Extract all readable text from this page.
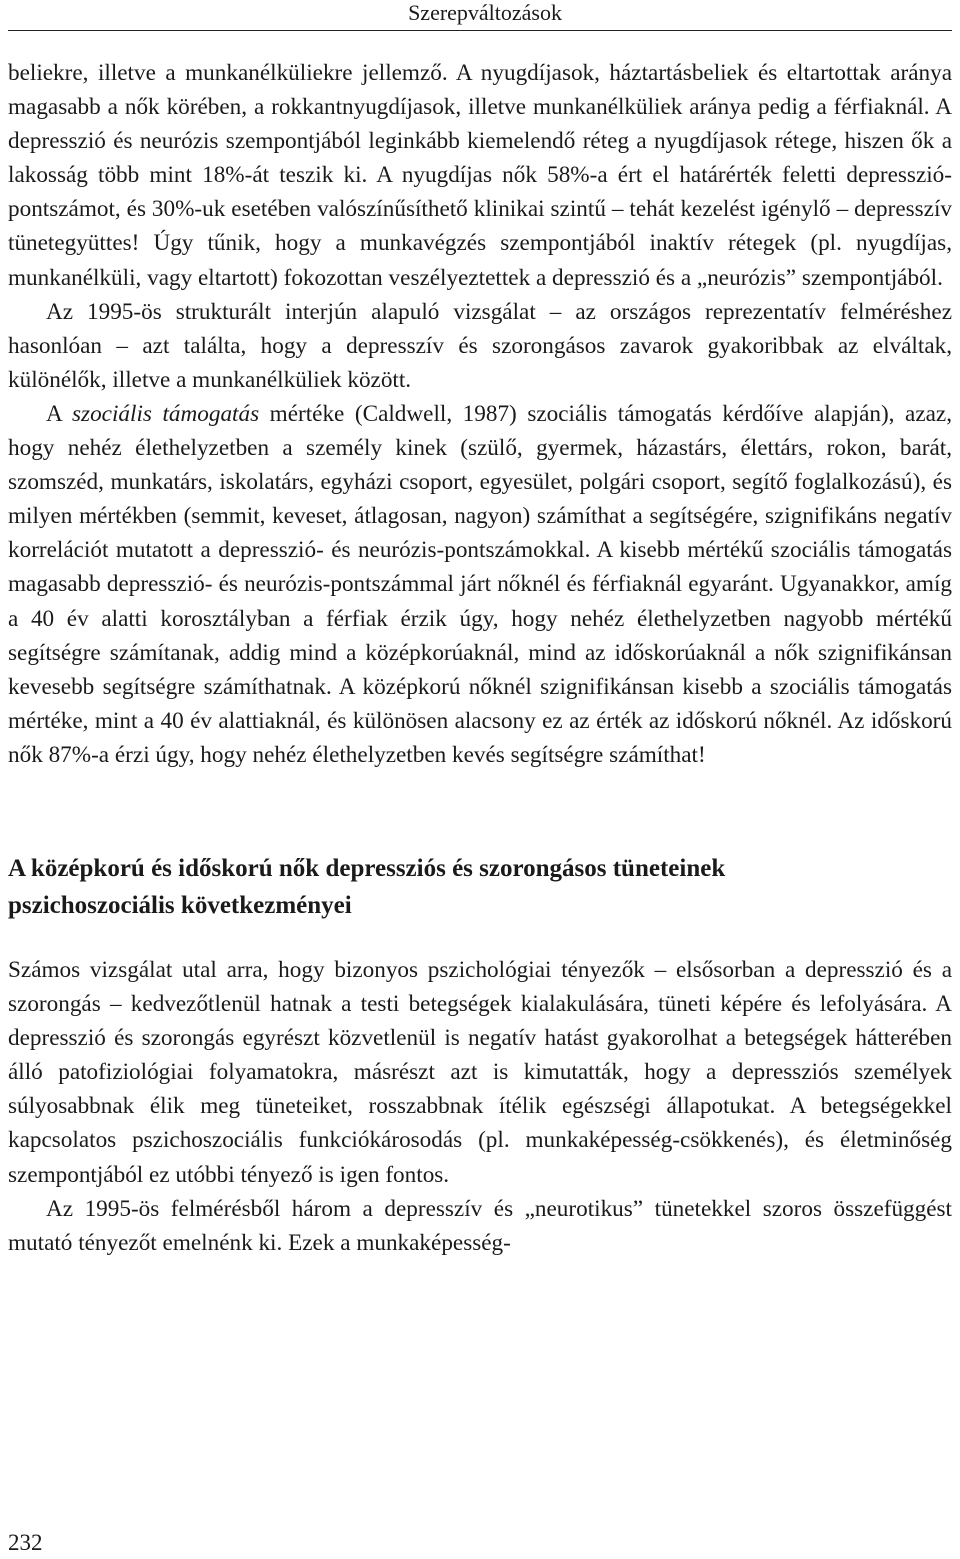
Szerepváltozások

beliekre, illetve a munkanélküliekre jellemző. A nyugdíjasok, háztartásbeliek és eltartottak aránya magasabb a nők körében, a rokkantnyugdíjasok, illetve munkanélküliek aránya pedig a férfiaknál. A depresszió és neurózis szempontjából leginkább kiemelendő réteg a nyugdíjasok rétege, hiszen ők a lakosság több mint 18%-át teszik ki. A nyugdíjas nők 58%-a ért el határérték feletti depresszió-pontszámot, és 30%-uk esetében valószínűsíthető klinikai szintű – tehát kezelést igénylő – depresszív tünetegyüttes! Úgy tűnik, hogy a munkavégzés szempontjából inaktív rétegek (pl. nyugdíjas, munkanélküli, vagy eltartott) fokozottan veszélyeztettek a depresszió és a „neurózis” szempontjából.

Az 1995-ös strukturált interjún alapuló vizsgálat – az országos reprezentatív felméréshez hasonlóan – azt találta, hogy a depresszív és szorongásos zavarok gyakoribbak az elváltak, különélők, illetve a munkanélküliek között.

A szociális támogatás mértéke (Caldwell, 1987) szociális támogatás kérdőíve alapján), azaz, hogy nehéz élethelyzetben a személy kinek (szülő, gyermek, házastárs, élettárs, rokon, barát, szomszéd, munkatárs, iskolatárs, egyházi csoport, egyesület, polgári csoport, segítő foglalkozású), és milyen mértékben (semmit, keveset, átlagosan, nagyon) számíthat a segítségére, szignifikáns negatív korrelációt mutatott a depresszió- és neurózis-pontszámokkal. A kisebb mértékű szociális támogatás magasabb depresszió- és neurózis-pontszámmal járt nőknél és férfiaknál egyaránt. Ugyanakkor, amíg a 40 év alatti korosztályban a férfiak érzik úgy, hogy nehéz élethelyzetben nagyobb mértékű segítségre számítanak, addig mind a középkorúaknál, mind az időskorúaknál a nők szignifikánsan kevesebb segítségre számíthatnak. A középkorú nőknél szignifikánsan kisebb a szociális támogatás mértéke, mint a 40 év alattiaknál, és különösen alacsony ez az érték az időskorú nőknél. Az időskorú nők 87%-a érzi úgy, hogy nehéz élethelyzetben kevés segítségre számíthat!

A középkorú és időskorú nők depressziós és szorongásos tüneteinek
pszichoszociális következményei

Számos vizsgálat utal arra, hogy bizonyos pszichológiai tényezők – elsősorban a depresszió és a szorongás – kedvezőtlenül hatnak a testi betegségek kialakulására, tüneti képére és lefolyására. A depresszió és szorongás egyrészt közvetlenül is negatív hatást gyakorolhat a betegségek hátterében álló patofiziológiai folyamatokra, másrészt azt is kimutatták, hogy a depressziós személyek súlyosabbnak élik meg tüneteiket, rosszabbnak ítélik egészségi állapotukat. A betegségekkel kapcsolatos pszichoszociális funkciókárosodás (pl. munkaképesség-csökkenés), és életminőség szempontjából ez utóbbi tényező is igen fontos.

Az 1995-ös felmérésből három a depresszív és „neurotikus” tünetekkel szoros összefüggést mutató tényezőt emelnénk ki. Ezek a munkaképesség-

232
